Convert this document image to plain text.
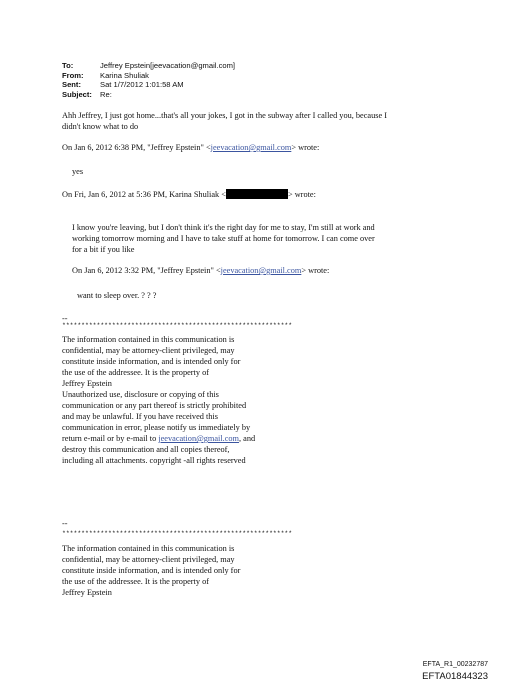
To:	Jeffrey Epstein[jeevacation@gmail.com]
From:	Karina Shuliak
Sent:	Sat 1/7/2012 1:01:58 AM
Subject:	Re:
Ahh Jeffrey, I just got home...that's all your jokes, I got in the subway after I called you, because I
didn't know what to do
On Jan 6, 2012 6:38 PM, "Jeffrey Epstein" <jeevacation@gmail.com> wrote:
yes
On Fri, Jan 6, 2012 at 5:36 PM, Karina Shuliak <	> wrote:
I know you're leaving, but I don't think it's the right day for me to stay, I'm still at work and
working tomorrow morning and I have to take stuff at home for tomorrow. I can come over
for a bit if you like
On Jan 6, 2012 3:32 PM, "Jeffrey Epstein" <jeevacation@gmail.com> wrote:
want to sleep over. ? ? ?
--
************************************************************
The information contained in this communication is
confidential, may be attorney-client privileged, may
constitute inside information, and is intended only for
the use of the addressee. It is the property of
Jeffrey Epstein
Unauthorized use, disclosure or copying of this
communication or any part thereof is strictly prohibited
and may be unlawful. If you have received this
communication in error, please notify us immediately by
return e-mail or by e-mail to jeevacation@gmail.com, and
destroy this communication and all copies thereof,
including all attachments. copyright -all rights reserved
--
************************************************************
The information contained in this communication is
confidential, may be attorney-client privileged, may
constitute inside information, and is intended only for
the use of the addressee. It is the property of
Jeffrey Epstein
EFTA_R1_00232787
EFTA01844323
